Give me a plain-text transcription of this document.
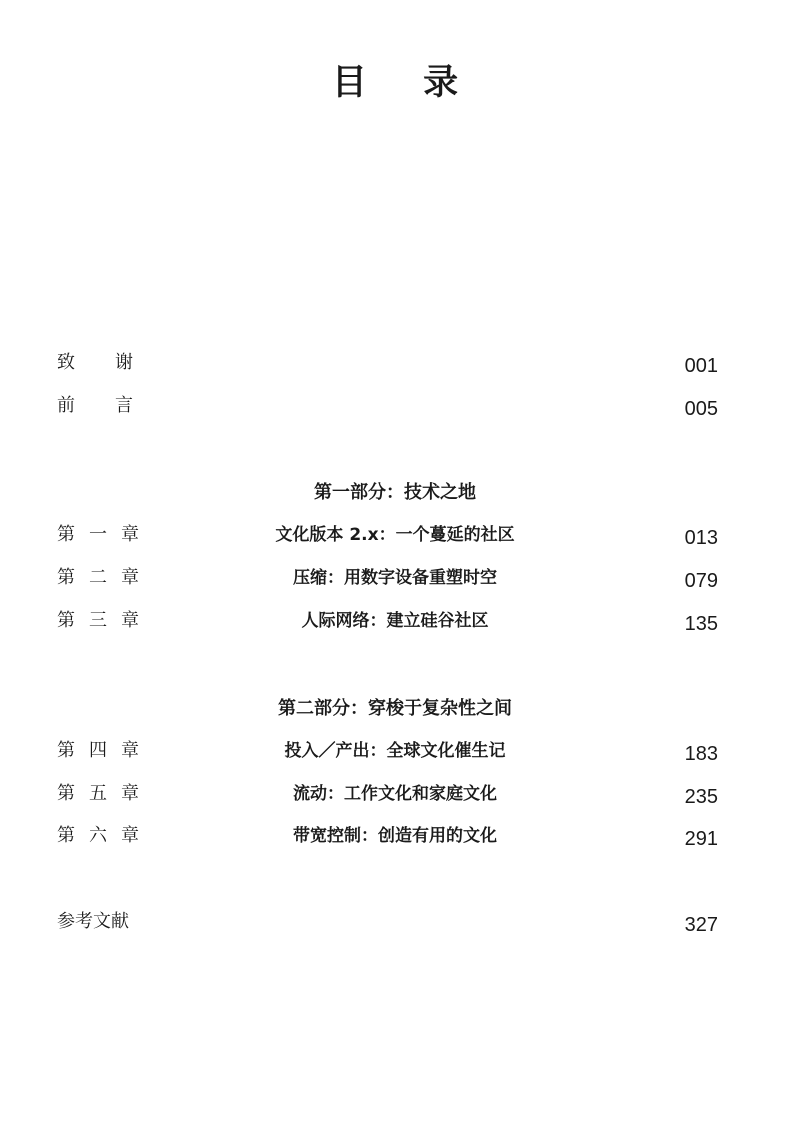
目 录
致谢	001
前言	005
第一部分：技术之地
第一章	文化版本 2.x：一个蔓延的社区	013
第二章	压缩：用数字设备重塑时空	079
第三章	人际网络：建立硅谷社区	135
第二部分：穿梭于复杂性之间
第四章	投入／产出：全球文化催生记	183
第五章	流动：工作文化和家庭文化	235
第六章	带宽控制：创造有用的文化	291
参考文献	327
